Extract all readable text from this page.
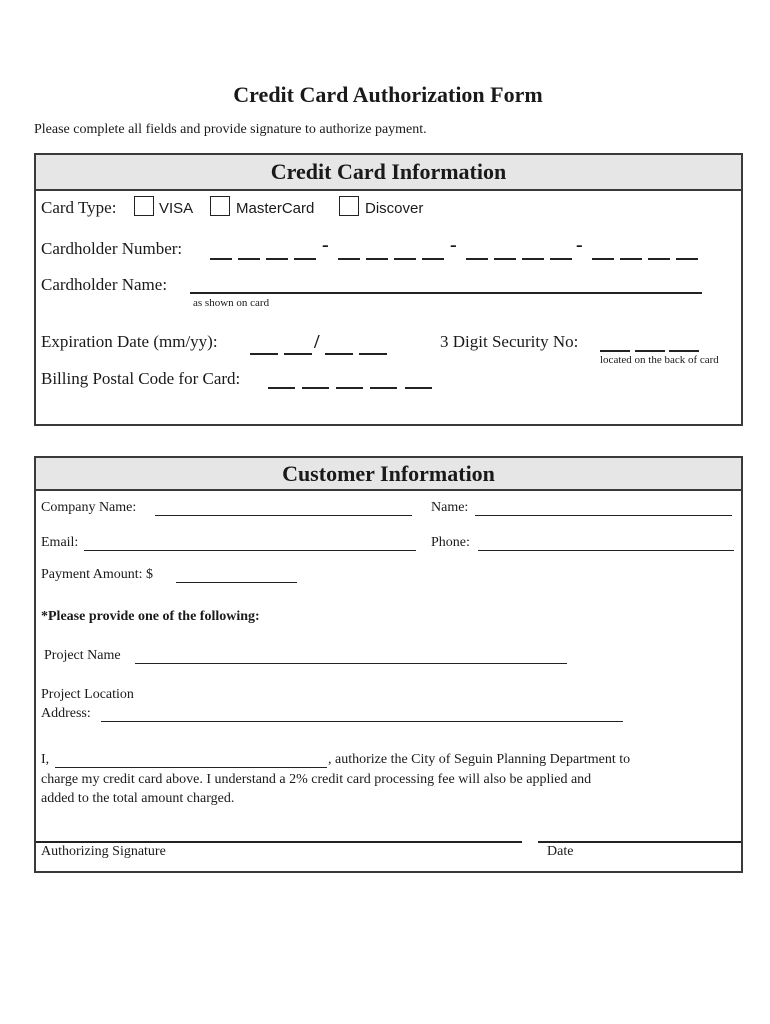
Credit Card Authorization Form
Please complete all fields and provide signature to authorize payment.
Credit Card Information
Card Type:	VISA	MasterCard	Discover
Cardholder Number:	-	-	-
Cardholder Name:
as shown on card
Expiration Date (mm/yy):	/	3 Digit Security No:
located on the back of card
Billing Postal Code for Card:
Customer Information
Company Name:	Name:
Email:	Phone:
Payment Amount: $
*Please provide one of the following:
Project Name
Project Location
Address:
I,	, authorize the City of Seguin Planning Department to
charge my credit card above. I understand a 2% credit card processing fee will also be applied and
added to the total amount charged.
Authorizing Signature	Date
